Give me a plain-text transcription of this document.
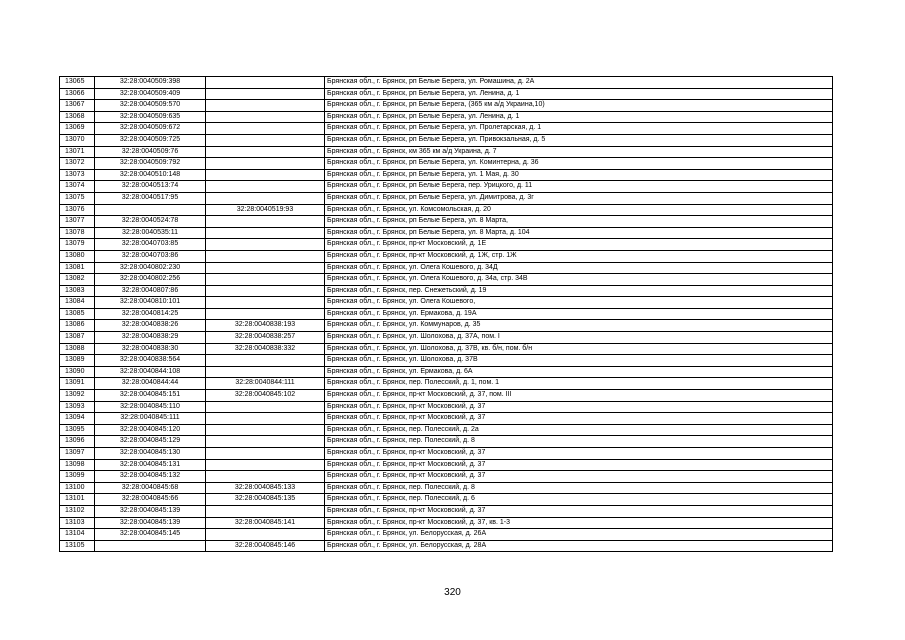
13065	32:28:0040509:398		Брянская обл., г. Брянск, рп Белые Берега, ул. Ромашина, д. 2А
13066	32:28:0040509:409		Брянская обл., г. Брянск, рп Белые Берега, ул. Ленина, д. 1
13067	32:28:0040509:570		Брянская обл., г. Брянск, рп Белые Берега, (365 км а/д Украина,10)
13068	32:28:0040509:635		Брянская обл., г. Брянск, рп Белые Берега, ул. Ленина, д. 1
13069	32:28:0040509:672		Брянская обл., г. Брянск, рп Белые Берега, ул. Пролетарская, д. 1
13070	32:28:0040509:725		Брянская обл., г. Брянск, рп Белые Берега, ул. Привокзальная, д. 5
13071	32:28:0040509:76		Брянская обл., г. Брянск, км 365 км а/д Украина, д. 7
13072	32:28:0040509:792		Брянская обл., г. Брянск, рп Белые Берега, ул. Коминтерна, д. 36
13073	32:28:0040510:148		Брянская обл., г. Брянск, рп Белые Берега, ул. 1 Мая, д. 30
13074	32:28:0040513:74		Брянская обл., г. Брянск, рп Белые Берега, пер. Урицкого, д. 11
13075	32:28:0040517:95		Брянская обл., г. Брянск, рп Белые Берега, ул. Димитрова, д. 3г
13076		32:28:0040519:93	Брянская обл., г. Брянск, ул. Комсомольская, д. 20
13077	32:28:0040524:78		Брянская обл., г. Брянск, рп Белые Берега, ул. 8 Марта,
13078	32:28:0040535:11		Брянская обл., г. Брянск, рп Белые Берега, ул. 8 Марта, д. 104
13079	32:28:0040703:85		Брянская обл., г. Брянск, пр-кт Московский, д. 1Е
13080	32:28:0040703:86		Брянская обл., г. Брянск, пр-кт Московский, д. 1Ж, стр. 1Ж
13081	32:28:0040802:230		Брянская обл., г. Брянск, ул. Олега Кошевого, д. 34Д
13082	32:28:0040802:256		Брянская обл., г. Брянск, ул. Олега Кошевого, д. 34а, стр. 34В
13083	32:28:0040807:86		Брянская обл., г. Брянск, пер. Снежетьский, д. 19
13084	32:28:0040810:101		Брянская обл., г. Брянск, ул. Олега Кошевого,
13085	32:28:0040814:25		Брянская обл., г. Брянск, ул. Ермакова, д. 19А
13086	32:28:0040838:26	32:28:0040838:193	Брянская обл., г. Брянск, ул. Коммунаров, д. 35
13087	32:28:0040838:29	32:28:0040838:257	Брянская обл., г. Брянск, ул. Шолохова, д. 37А, пом. I
13088	32:28:0040838:30	32:28:0040838:332	Брянская обл., г. Брянск, ул. Шолохова, д. 37В, кв. б/н, пом. б/н
13089	32:28:0040838:564		Брянская обл., г. Брянск, ул. Шолохова, д. 37В
13090	32:28:0040844:108		Брянская обл., г. Брянск, ул. Ермакова, д. 6А
13091	32:28:0040844:44	32:28:0040844:111	Брянская обл., г. Брянск, пер. Полесский, д. 1, пом. 1
13092	32:28:0040845:151	32:28:0040845:102	Брянская обл., г. Брянск, пр-кт Московский, д. 37, пом. III
13093	32:28:0040845:110		Брянская обл., г. Брянск, пр-кт Московский, д. 37
13094	32:28:0040845:111		Брянская обл., г. Брянск, пр-кт Московский, д. 37
13095	32:28:0040845:120		Брянская обл., г. Брянск, пер. Полесский, д. 2а
13096	32:28:0040845:129		Брянская обл., г. Брянск, пер. Полесский, д. 8
13097	32:28:0040845:130		Брянская обл., г. Брянск, пр-кт Московский, д. 37
13098	32:28:0040845:131		Брянская обл., г. Брянск, пр-кт Московский, д. 37
13099	32:28:0040845:132		Брянская обл., г. Брянск, пр-кт Московский, д. 37
13100	32:28:0040845:68	32:28:0040845:133	Брянская обл., г. Брянск, пер. Полесский, д. 8
13101	32:28:0040845:66	32:28:0040845:135	Брянская обл., г. Брянск, пер. Полесский, д. 6
13102	32:28:0040845:139		Брянская обл., г. Брянск, пр-кт Московский, д. 37
13103	32:28:0040845:139	32:28:0040845:141	Брянская обл., г. Брянск, пр-кт Московский, д. 37, кв. 1-3
13104	32:28:0040845:145		Брянская обл., г. Брянск, ул. Белорусская, д. 26А
13105		32:28:0040845:146	Брянская обл., г. Брянск, ул. Белорусская, д. 28А
320
